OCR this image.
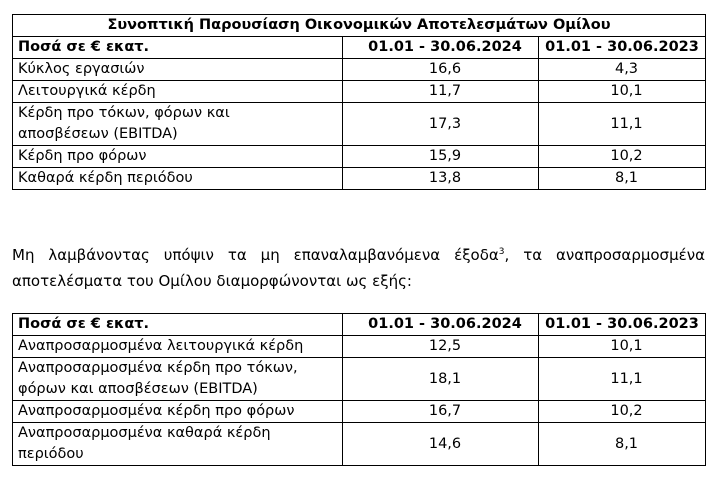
Συνοπτική Παρουσίαση Οικονομικών Αποτελεσμάτων Ομίλου		
Ποσά σε € εκατ.	01.01 - 30.06.2024	01.01 - 30.06.2023
Κύκλος εργασιών	16,6	4,3
Λειτουργικά κέρδη	11,7	10,1
Κέρδη προ τόκων, φόρων και
αποσβέσεων (EBITDA)	17,3	11,1
Κέρδη προ φόρων	15,9	10,2
Καθαρά κέρδη περιόδου	13,8	8,1

Μη λαμβάνοντας υπόψιν τα μη επαναλαμβανόμενα έξοδα$^3$, τα αναπροσαρμοσμένα αποτελέσματα του Ομίλου διαμορφώνονται ως εξής:

Ποσά σε € εκατ.	01.01 - 30.06.2024	01.01 - 30.06.2023
Αναπροσαρμοσμένα λειτουργικά κέρδη	12,5	10,1
Αναπροσαρμοσμένα κέρδη προ τόκων,
φόρων και αποσβέσεων (EBITDA)	18,1	11,1
Αναπροσαρμοσμένα κέρδη προ φόρων	16,7	10,2

Αναπροσαρμοσμένα καθαρά κέρδη
περιόδου	14,6	8,1
